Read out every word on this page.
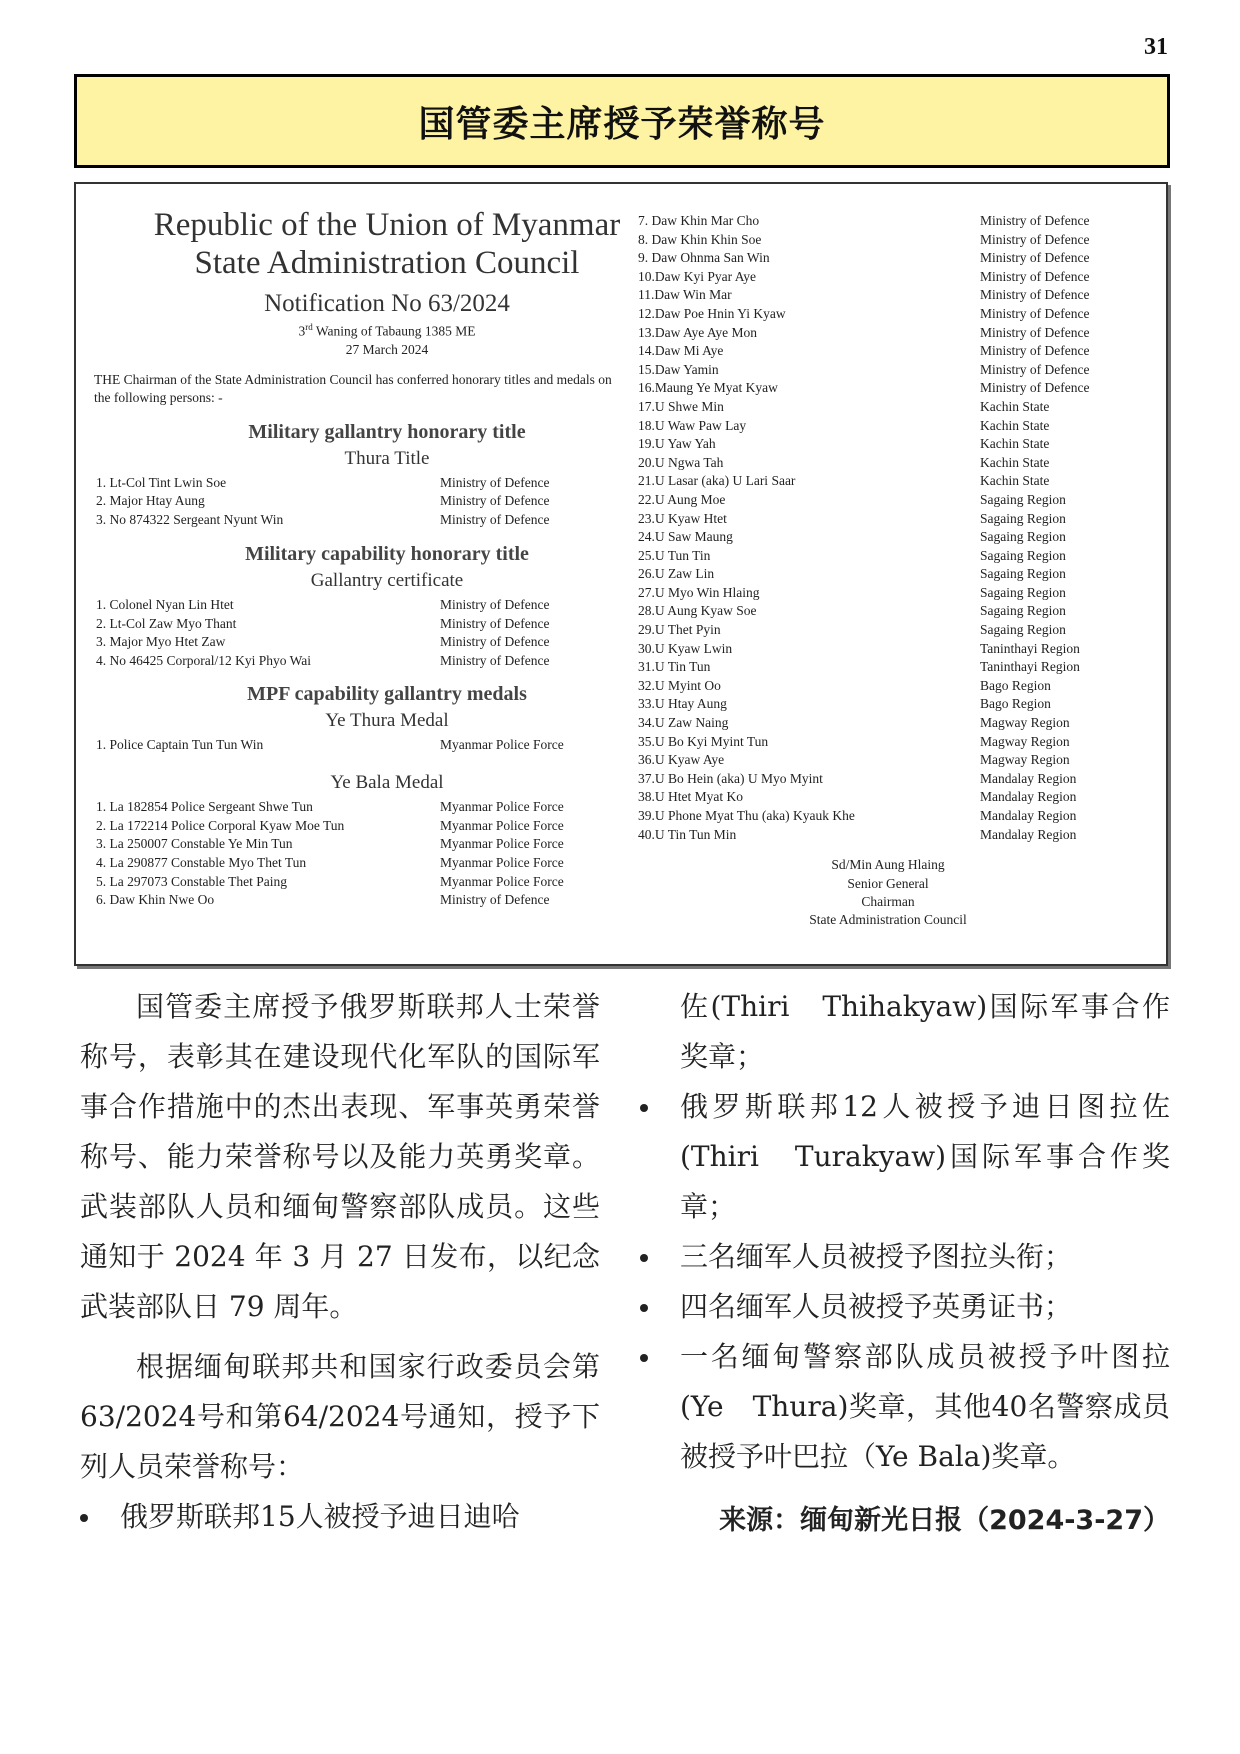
31
国管委主席授予荣誉称号
Republic of the Union of Myanmar
State Administration Council
Notification No 63/2024
3rd Waning of Tabaung 1385 ME
27 March 2024
THE Chairman of the State Administration Council has conferred honorary titles and medals on the following persons: -
Military gallantry honorary title
Thura Title
1. Lt-Col Tint Lwin Soe	Ministry of Defence
2. Major Htay Aung	Ministry of Defence
3. No 874322 Sergeant Nyunt Win	Ministry of Defence
Military capability honorary title
Gallantry certificate
1. Colonel Nyan Lin Htet	Ministry of Defence
2. Lt-Col Zaw Myo Thant	Ministry of Defence
3. Major Myo Htet Zaw	Ministry of Defence
4. No 46425 Corporal/12 Kyi Phyo Wai	Ministry of Defence
MPF capability gallantry medals
Ye Thura Medal
1. Police Captain Tun Tun Win	Myanmar Police Force
Ye Bala Medal
1. La 182854 Police Sergeant Shwe Tun	Myanmar Police Force
2. La 172214 Police Corporal Kyaw Moe Tun	Myanmar Police Force
3. La 250007 Constable Ye Min Tun	Myanmar Police Force
4. La 290877 Constable Myo Thet Tun	Myanmar Police Force
5. La 297073 Constable Thet Paing	Myanmar Police Force
6. Daw Khin Nwe Oo	Ministry of Defence
7. Daw Khin Mar Cho	Ministry of Defence
8. Daw Khin Khin Soe	Ministry of Defence
9. Daw Ohnma San Win	Ministry of Defence
10.Daw Kyi Pyar Aye	Ministry of Defence
11.Daw Win Mar	Ministry of Defence
12.Daw Poe Hnin Yi Kyaw	Ministry of Defence
13.Daw Aye Aye Mon	Ministry of Defence
14.Daw Mi Aye	Ministry of Defence
15.Daw Yamin	Ministry of Defence
16.Maung Ye Myat Kyaw	Ministry of Defence
17.U Shwe Min	Kachin State
18.U Waw Paw Lay	Kachin State
19.U Yaw Yah	Kachin State
20.U Ngwa Tah	Kachin State
21.U Lasar (aka) U Lari Saar	Kachin State
22.U Aung Moe	Sagaing Region
23.U Kyaw Htet	Sagaing Region
24.U Saw Maung	Sagaing Region
25.U Tun Tin	Sagaing Region
26.U Zaw Lin	Sagaing Region
27.U Myo Win Hlaing	Sagaing Region
28.U Aung Kyaw Soe	Sagaing Region
29.U Thet Pyin	Sagaing Region
30.U Kyaw Lwin	Taninthayi Region
31.U Tin Tun	Taninthayi Region
32.U Myint Oo	Bago Region
33.U Htay Aung	Bago Region
34.U Zaw Naing	Magway Region
35.U Bo Kyi Myint Tun	Magway Region
36.U Kyaw Aye	Magway Region
37.U Bo Hein (aka) U Myo Myint	Mandalay Region
38.U Htet Myat Ko	Mandalay Region
39.U Phone Myat Thu (aka) Kyauk Khe	Mandalay Region
40.U Tin Tun Min	Mandalay Region
Sd/Min Aung Hlaing
Senior General
Chairman
State Administration Council

国管委主席授予俄罗斯联邦人士荣誉称号，表彰其在建设现代化军队的国际军事合作措施中的杰出表现、军事英勇荣誉称号、能力荣誉称号以及能力英勇奖章。武装部队人员和缅甸警察部队成员。这些通知于 2024 年 3 月 27 日发布，以纪念武装部队日 79 周年。

根据缅甸联邦共和国家行政委员会第63/2024号和第64/2024号通知，授予下列人员荣誉称号：

俄罗斯联邦15人被授予迪日迪哈

佐(Thiri　Thihakyaw)国际军事合作奖章；

俄罗斯联邦12人被授予迪日图拉佐(Thiri　Turakyaw)国际军事合作奖章；
三名缅军人员被授予图拉头衔；
四名缅军人员被授予英勇证书；
一名缅甸警察部队成员被授予叶图拉(Ye　Thura)奖章，其他40名警察成员被授予叶巴拉（Ye Bala)奖章。
来源：缅甸新光日报（2024-3-27）
